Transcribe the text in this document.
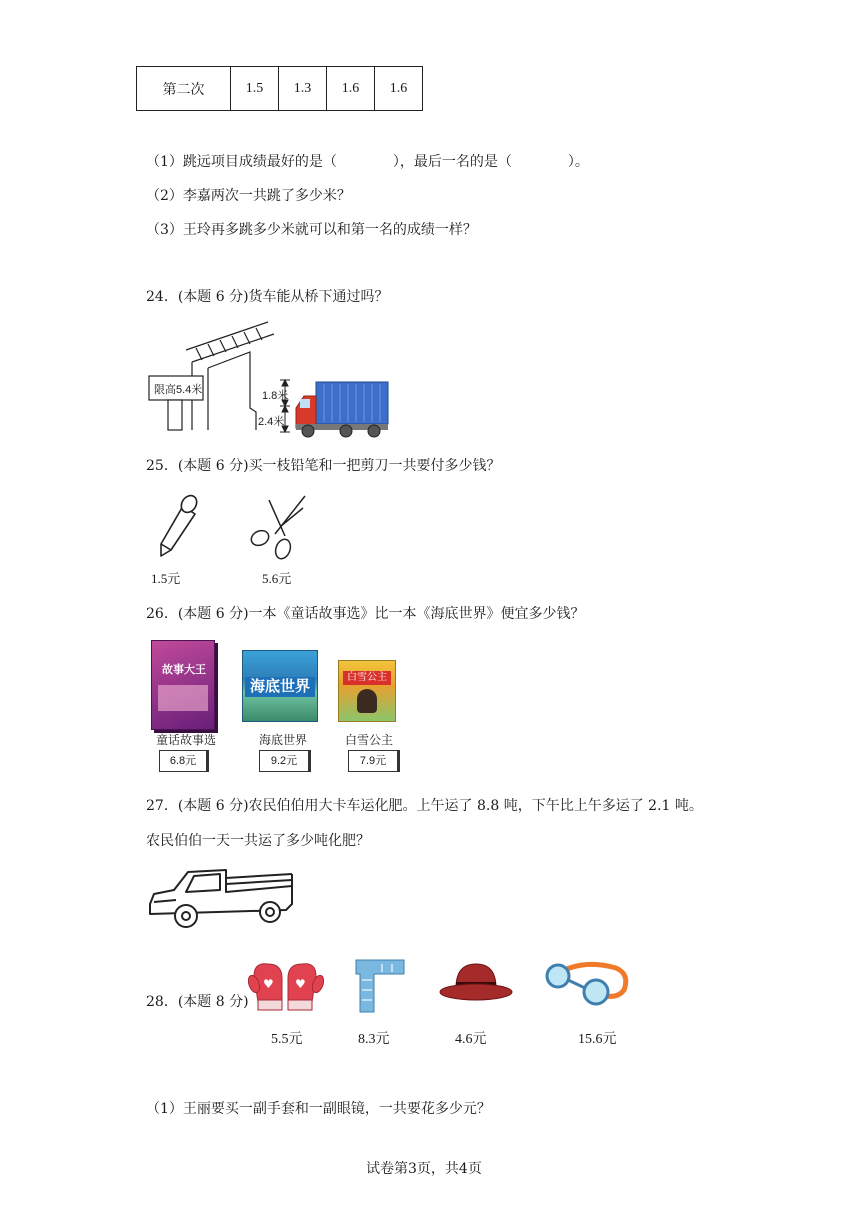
第二次	1.5	1.3	1.6	1.6
（1）跳远项目成绩最好的是（　　　　），最后一名的是（　　　　）。
（2）李嘉两次一共跳了多少米？
（3）王玲再多跳多少米就可以和第一名的成绩一样？
24．(本题 6 分)货车能从桥下通过吗？
限高5.4米	1.8米
2.4米
25．(本题 6 分)买一枝铅笔和一把剪刀一共要付多少钱？
1.5元	5.6元
26．(本题 6 分)一本《童话故事选》比一本《海底世界》便宜多少钱？
故事大王
海底世界
白雪公主
童话故事选	海底世界	白雪公主
6.8元	9.2元	7.9元
27．(本题 6 分)农民伯伯用大卡车运化肥。上午运了 8.8 吨，下午比上午多运了 2.1 吨。
农民伯伯一天一共运了多少吨化肥？
28．(本题 8 分)
♥ ♥
5.5元	8.3元	4.6元	15.6元
（1）王丽要买一副手套和一副眼镜，一共要花多少元？
试卷第3页，共4页
